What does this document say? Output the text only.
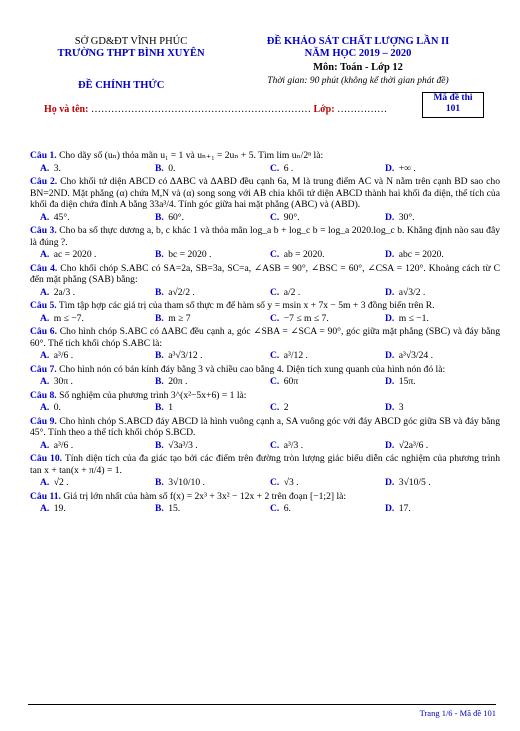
SỞ GD&ĐT VĨNH PHÚC
TRƯỜNG THPT BÌNH XUYÊN
ĐỀ CHÍNH THỨC
ĐỀ KHẢO SÁT CHẤT LƯỢNG LẦN II
NĂM HỌC 2019 – 2020
Môn: Toán - Lớp 12
Thời gian: 90 phút (không kể thời gian phát đề)
Mã đề thi
101
Họ và tên: ………………………………………………………… Lớp: ……………
Câu 1. Cho dãy số (uₙ) thỏa mãn u₁ = 1 và uₙ₊₁ = 2uₙ + 5. Tìm lim uₙ/2ⁿ là:
A. 3.	B. 0.	C. 6 .	D. +∞ .
Câu 2. Cho khối tứ diện ABCD có ∆ABC và ∆ABD đều cạnh 6a, M là trung điểm AC và N nằm trên cạnh BD sao cho BN=2ND. Mặt phẳng (α) chứa M,N và (α) song song với AB chia khối tứ diện ABCD thành hai khối đa diện, thể tích của khối đa diện chứa đỉnh A bằng 33a³/4. Tính góc giữa hai mặt phẳng (ABC) và (ABD).
A. 45°.	B. 60°.	C. 90°.	D. 30°.
Câu 3. Cho ba số thực dương a, b, c khác 1 và thỏa mãn log_a b + log_c b = log_a 2020.log_c b. Khẳng định nào sau đây là đúng ?.
A. ac = 2020 .	B. bc = 2020 .	C. ab = 2020.	D. abc = 2020.
Câu 4. Cho khối chóp S.ABC có SA=2a, SB=3a, SC=a, ∠ASB = 90°, ∠BSC = 60°, ∠CSA = 120°. Khoảng cách từ C đến mặt phẳng (SAB) bằng:
A. 2a/3 .	B. a√2/2 .	C. a/2 .	D. a√3/2 .
Câu 5. Tìm tập hợp các giá trị của tham số thực m để hàm số y = msin x + 7x − 5m + 3 đồng biến trên R.
A. m ≤ −7.	B. m ≥ 7	C. −7 ≤ m ≤ 7.	D. m ≤ −1.
Câu 6. Cho hình chóp S.ABC có ∆ABC đều cạnh a, góc ∠SBA = ∠SCA = 90°, góc giữa mặt phẳng (SBC) và đáy bằng 60°. Thể tích khối chóp S.ABC là:
A. a³/6 .	B. a³√3/12 .	C. a³/12 .	D. a³√3/24 .
Câu 7. Cho hình nón có bán kính đáy bằng 3 và chiều cao bằng 4. Diện tích xung quanh của hình nón đó là:
A. 30π .	B. 20π .	C. 60π	D. 15π.
Câu 8. Số nghiệm của phương trình 3^(x²−5x+6) = 1 là:
A. 0.	B. 1	C. 2	D. 3
Câu 9. Cho hình chóp S.ABCD đáy ABCD là hình vuông cạnh a, SA vuông góc với đáy ABCD góc giữa SB và đáy bằng 45°. Tính theo a thể tích khối chóp S.BCD.
A. a³/6 .	B. √3a³/3 .	C. a³/3 .	D. √2a³/6 .
Câu 10. Tính diện tích của đa giác tạo bởi các điểm trên đường tròn lượng giác biểu diễn các nghiệm của phương trình tan x + tan(x + π/4) = 1.
A. √2 .	B. 3√10/10 .	C. √3 .	D. 3√10/5 .
Câu 11. Giá trị lớn nhất của hàm số f(x) = 2x³ + 3x² − 12x + 2 trên đoạn [−1;2] là:
A. 19.	B. 15.	C. 6.	D. 17.
Trang 1/6 - Mã đề 101
